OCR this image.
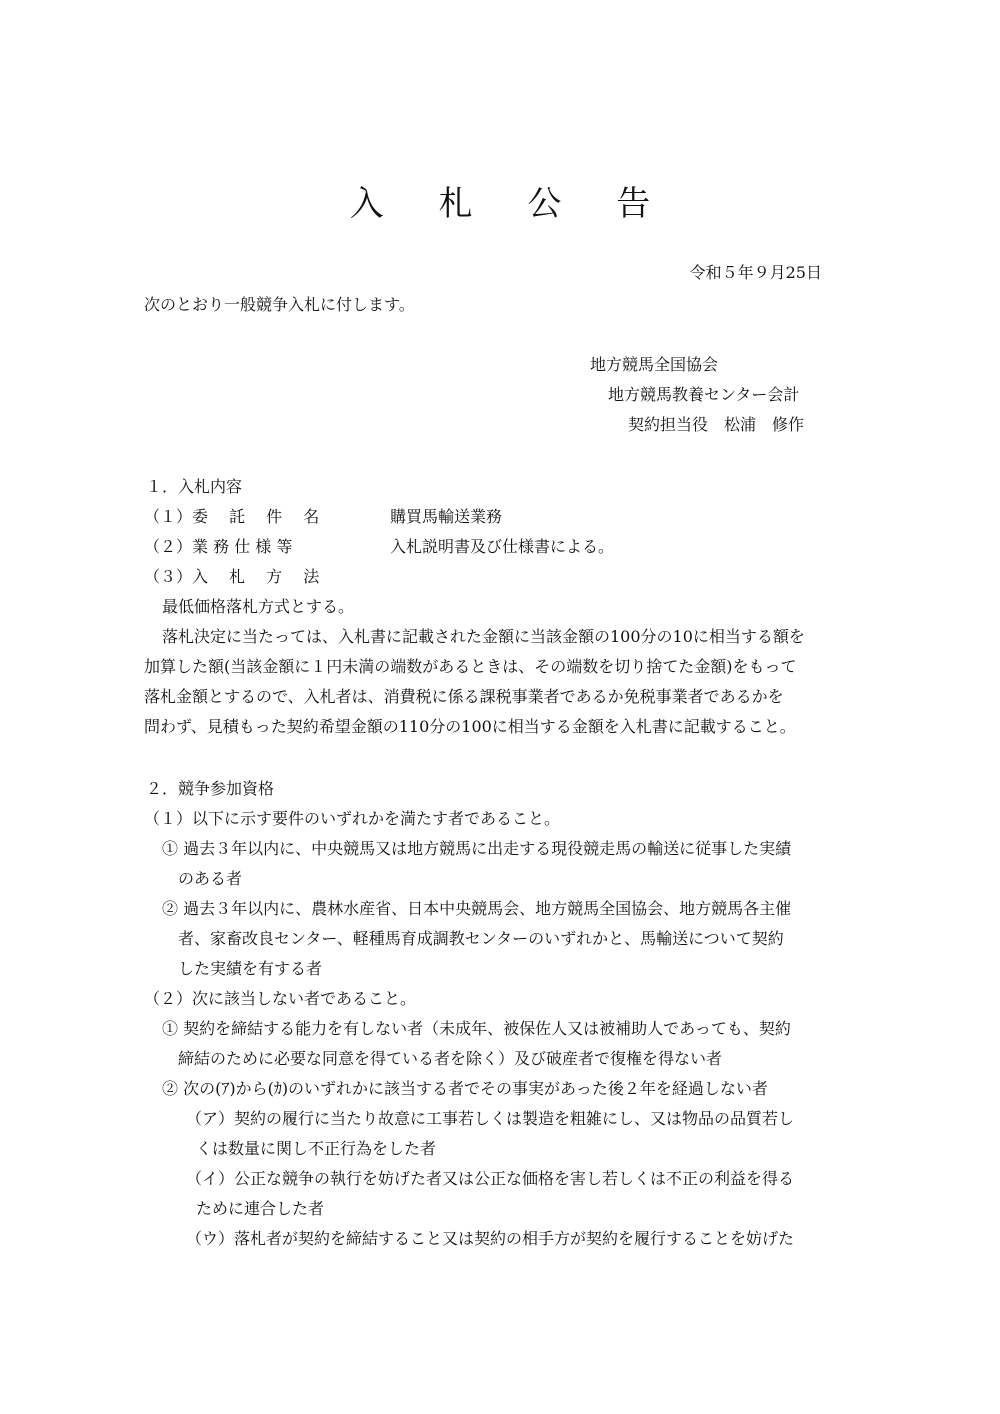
入 札 公 告
令和５年９月25日
次のとおり一般競争入札に付します。
地方競馬全国協会
地方競馬教養センター会計
契約担当役　松浦　修作
１．入札内容
（１）委　 託 　件　 名	購買馬輸送業務
（２）業 務 仕 様 等	入札説明書及び仕様書による。
（３）入　 札　 方　 法
最低価格落札方式とする。
落札決定に当たっては、入札書に記載された金額に当該金額の100分の10に相当する額を
加算した額(当該金額に１円未満の端数があるときは、その端数を切り捨てた金額)をもって
落札金額とするので、入札者は、消費税に係る課税事業者であるか免税事業者であるかを
問わず、見積もった契約希望金額の110分の100に相当する金額を入札書に記載すること。
２．競争参加資格
（１）以下に示す要件のいずれかを満たす者であること。
① 過去３年以内に、中央競馬又は地方競馬に出走する現役競走馬の輸送に従事した実績
のある者
② 過去３年以内に、農林水産省、日本中央競馬会、地方競馬全国協会、地方競馬各主催
者、家畜改良センター、軽種馬育成調教センターのいずれかと、馬輸送について契約
した実績を有する者
（２）次に該当しない者であること。
① 契約を締結する能力を有しない者（未成年、被保佐人又は被補助人であっても、契約
締結のために必要な同意を得ている者を除く）及び破産者で復権を得ない者
② 次の(ｱ)から(ｶ)のいずれかに該当する者でその事実があった後２年を経過しない者
（ア）契約の履行に当たり故意に工事若しくは製造を粗雑にし、又は物品の品質若し
くは数量に関し不正行為をした者
（イ）公正な競争の執行を妨げた者又は公正な価格を害し若しくは不正の利益を得る
ために連合した者
（ウ）落札者が契約を締結すること又は契約の相手方が契約を履行することを妨げた
